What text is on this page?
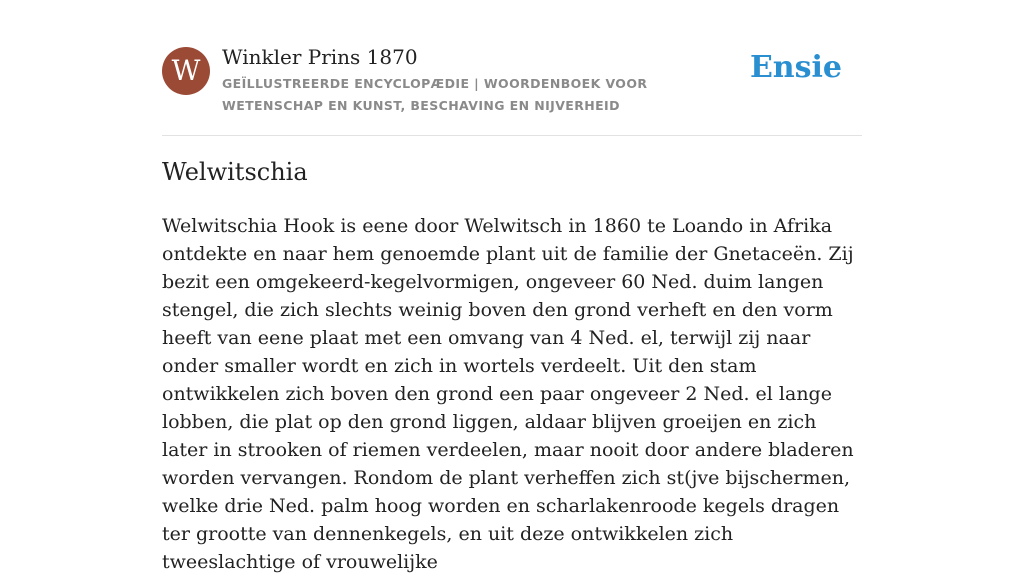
W	Winkler Prins 1870
GEÏLLUSTREERDE ENCYCLOPÆDIE | WOORDENBOEK VOOR WETENSCHAP EN KUNST, BESCHAVING EN NIJVERHEID
Ensie
Welwitschia

Welwitschia Hook is eene door Welwitsch in 1860 te Loando in Afrika ontdekte en naar hem genoemde plant uit de familie der Gnetaceën. Zij bezit een omgekeerd-kegelvormigen, ongeveer 60 Ned. duim langen stengel, die zich slechts weinig boven den grond verheft en den vorm heeft van eene plaat met een omvang van 4 Ned. el, terwijl zij naar onder smaller wordt en zich in wortels verdeelt. Uit den stam ontwikkelen zich boven den grond een paar ongeveer 2 Ned. el lange lobben, die plat op den grond liggen, aldaar blijven groeijen en zich later in strooken of riemen verdeelen, maar nooit door andere bladeren worden vervangen. Rondom de plant verheffen zich st(jve bijschermen, welke drie Ned. palm hoog worden en scharlakenroode kegels dragen ter grootte van dennenkegels, en uit deze ontwikkelen zich tweeslachtige of vrouwelijke
